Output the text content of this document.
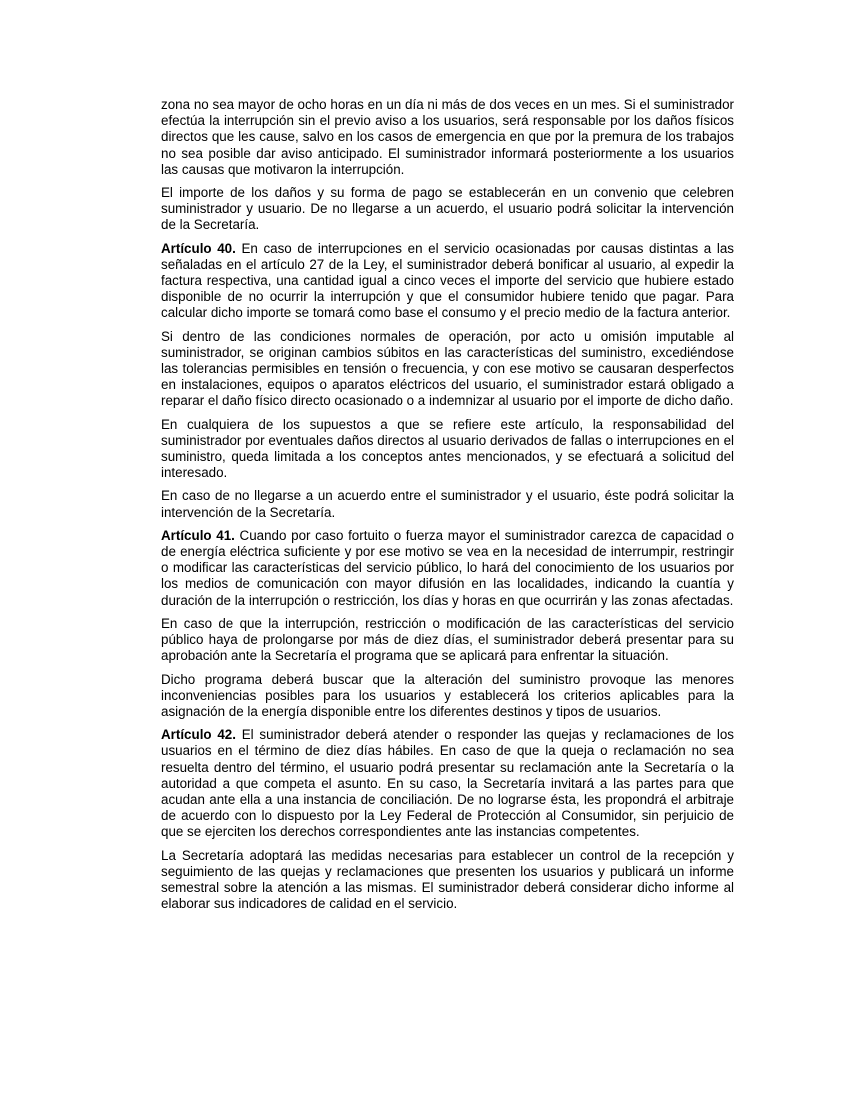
zona no sea mayor de ocho horas en un día ni más de dos veces en un mes. Si el suministrador efectúa la interrupción sin el previo aviso a los usuarios, será responsable por los daños físicos directos que les cause, salvo en los casos de emergencia en que por la premura de los trabajos no sea posible dar aviso anticipado. El suministrador informará posteriormente a los usuarios las causas que motivaron la interrupción.

El importe de los daños y su forma de pago se establecerán en un convenio que celebren suministrador y usuario. De no llegarse a un acuerdo, el usuario podrá solicitar la intervención de la Secretaría.

Artículo 40. En caso de interrupciones en el servicio ocasionadas por causas distintas a las señaladas en el artículo 27 de la Ley, el suministrador deberá bonificar al usuario, al expedir la factura respectiva, una cantidad igual a cinco veces el importe del servicio que hubiere estado disponible de no ocurrir la interrupción y que el consumidor hubiere tenido que pagar. Para calcular dicho importe se tomará como base el consumo y el precio medio de la factura anterior.

Si dentro de las condiciones normales de operación, por acto u omisión imputable al suministrador, se originan cambios súbitos en las características del suministro, excediéndose las tolerancias permisibles en tensión o frecuencia, y con ese motivo se causaran desperfectos en instalaciones, equipos o aparatos eléctricos del usuario, el suministrador estará obligado a reparar el daño físico directo ocasionado o a indemnizar al usuario por el importe de dicho daño.

En cualquiera de los supuestos a que se refiere este artículo, la responsabilidad del suministrador por eventuales daños directos al usuario derivados de fallas o interrupciones en el suministro, queda limitada a los conceptos antes mencionados, y se efectuará a solicitud del interesado.

En caso de no llegarse a un acuerdo entre el suministrador y el usuario, éste podrá solicitar la intervención de la Secretaría.

Artículo 41. Cuando por caso fortuito o fuerza mayor el suministrador carezca de capacidad o de energía eléctrica suficiente y por ese motivo se vea en la necesidad de interrumpir, restringir o modificar las características del servicio público, lo hará del conocimiento de los usuarios por los medios de comunicación con mayor difusión en las localidades, indicando la cuantía y duración de la interrupción o restricción, los días y horas en que ocurrirán y las zonas afectadas.

En caso de que la interrupción, restricción o modificación de las características del servicio público haya de prolongarse por más de diez días, el suministrador deberá presentar para su aprobación ante la Secretaría el programa que se aplicará para enfrentar la situación.

Dicho programa deberá buscar que la alteración del suministro provoque las menores inconveniencias posibles para los usuarios y establecerá los criterios aplicables para la asignación de la energía disponible entre los diferentes destinos y tipos de usuarios.

Artículo 42. El suministrador deberá atender o responder las quejas y reclamaciones de los usuarios en el término de diez días hábiles. En caso de que la queja o reclamación no sea resuelta dentro del término, el usuario podrá presentar su reclamación ante la Secretaría o la autoridad a que competa el asunto. En su caso, la Secretaría invitará a las partes para que acudan ante ella a una instancia de conciliación. De no lograrse ésta, les propondrá el arbitraje de acuerdo con lo dispuesto por la Ley Federal de Protección al Consumidor, sin perjuicio de que se ejerciten los derechos correspondientes ante las instancias competentes.

La Secretaría adoptará las medidas necesarias para establecer un control de la recepción y seguimiento de las quejas y reclamaciones que presenten los usuarios y publicará un informe semestral sobre la atención a las mismas. El suministrador deberá considerar dicho informe al elaborar sus indicadores de calidad en el servicio.
